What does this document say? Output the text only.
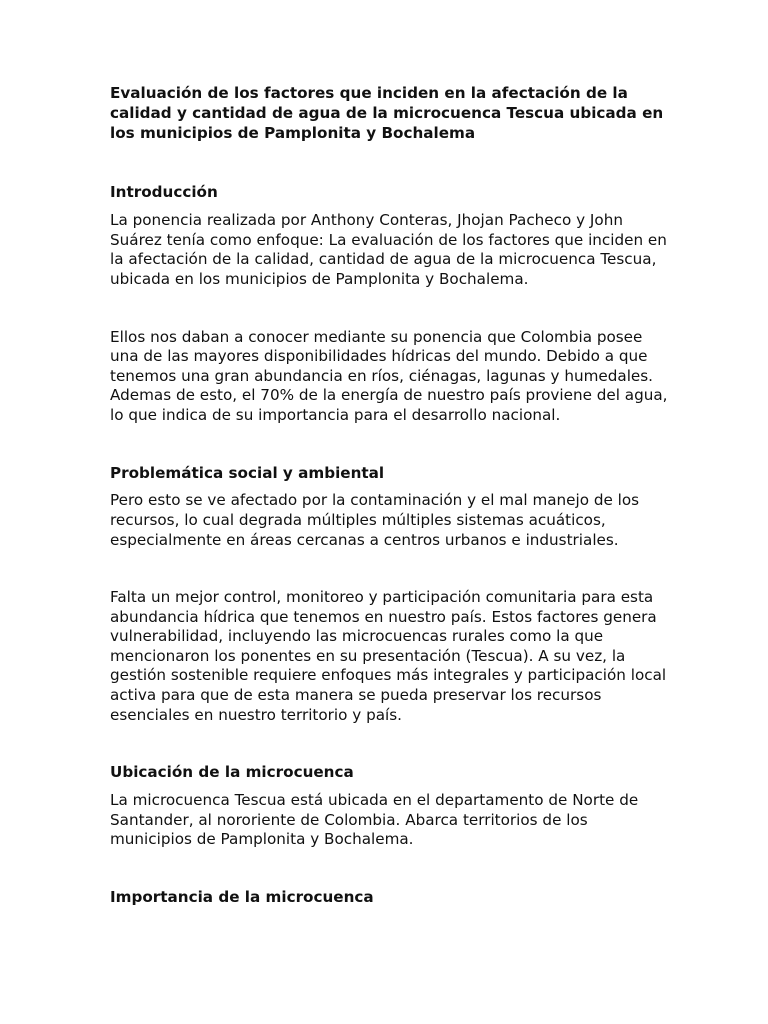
Evaluación de los factores que inciden en la afectación de la calidad y cantidad de agua de la microcuenca Tescua ubicada en los municipios de Pamplonita y Bochalema
Introducción

La ponencia realizada por Anthony Conteras, Jhojan Pacheco y John Suárez tenía como enfoque: La evaluación de los factores que inciden en la afectación de la calidad, cantidad de agua de la microcuenca Tescua, ubicada en los municipios de Pamplonita y Bochalema.

Ellos nos daban a conocer mediante su ponencia que Colombia posee una de las mayores disponibilidades hídricas del mundo. Debido a que tenemos una gran abundancia en ríos, ciénagas, lagunas y humedales. Ademas de esto, el 70% de la energía de nuestro país proviene del agua, lo que indica de su importancia para el desarrollo nacional.

Problemática social y ambiental

Pero esto se ve afectado por la contaminación y el mal manejo de los recursos, lo cual degrada múltiples múltiples sistemas acuáticos, especialmente en áreas cercanas a centros urbanos e industriales.

Falta un mejor control, monitoreo y participación comunitaria para esta abundancia hídrica que tenemos en nuestro país. Estos factores genera vulnerabilidad, incluyendo las microcuencas rurales como la que mencionaron los ponentes en su presentación (Tescua). A su vez, la gestión sostenible requiere enfoques más integrales y participación local activa para que de esta manera se pueda preservar los recursos esenciales en nuestro territorio y país.

Ubicación de la microcuenca

La microcuenca Tescua está ubicada en el departamento de Norte de Santander, al nororiente de Colombia. Abarca territorios de los municipios de Pamplonita y Bochalema.

Importancia de la microcuenca
